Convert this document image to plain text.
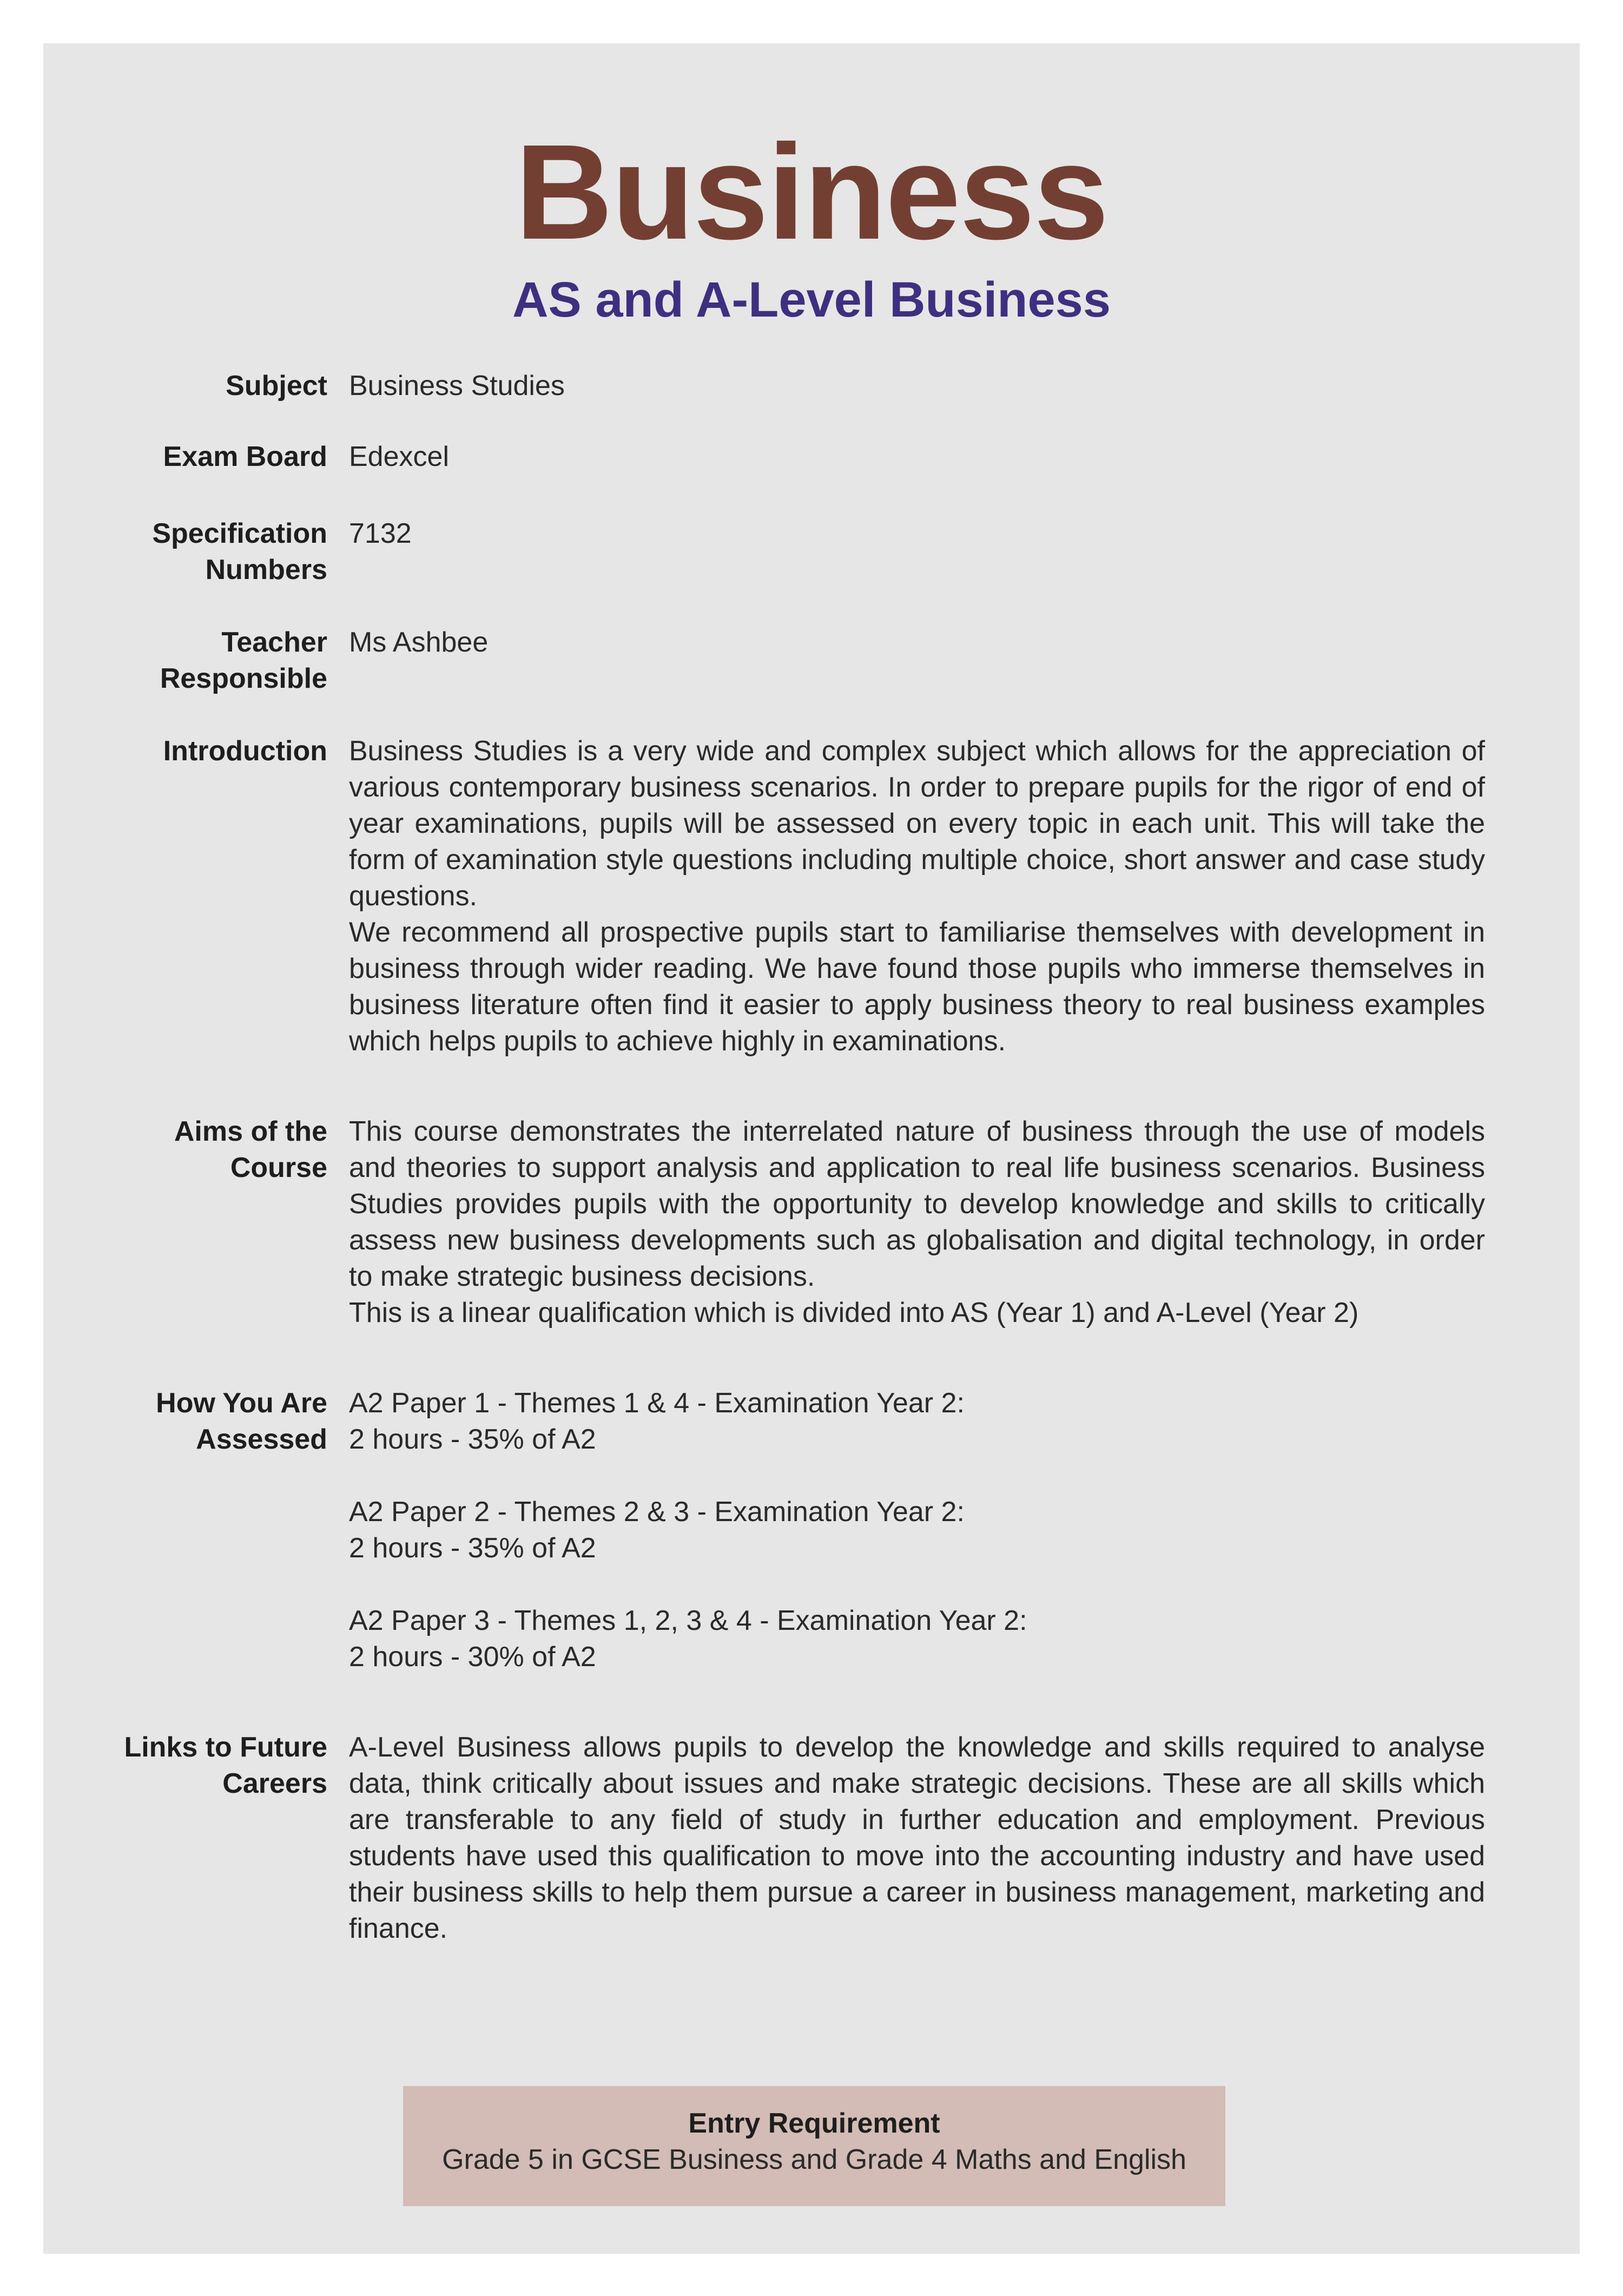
Business
AS and A-Level Business
Subject Business Studies
Exam Board Edexcel
Specification
Numbers
7132
Teacher
Responsible
Ms Ashbee
Introduction Business Studies is a very wide and complex subject which allows for the appreciation of various contemporary business scenarios. In order to prepare pupils for the rigor of end of year examinations, pupils will be assessed on every topic in each unit. This will take the form of examination style questions including multiple choice, short answer and case study questions.

We recommend all prospective pupils start to familiarise themselves with development in business through wider reading. We have found those pupils who immerse themselves in business literature often find it easier to apply business theory to real business examples which helps pupils to achieve highly in examinations.

Aims of the
Course

This course demonstrates the interrelated nature of business through the use of models and theories to support analysis and application to real life business scenarios. Business Studies provides pupils with the opportunity to develop knowledge and skills to critically assess new business developments such as globalisation and digital technology, in order to make strategic business decisions.

This is a linear qualification which is divided into AS (Year 1) and A-Level (Year 2)

How You Are
Assessed
A2 Paper 1 - Themes 1 & 4 - Examination Year 2:
2 hours - 35% of A2
A2 Paper 2 - Themes 2 & 3 - Examination Year 2:
2 hours - 35% of A2
A2 Paper 3 - Themes 1, 2, 3 & 4 - Examination Year 2:
2 hours - 30% of A2
Links to Future
Careers
A-Level Business allows pupils to develop the knowledge and skills required to analyse data, think critically about issues and make strategic decisions. These are all skills which are transferable to any field of study in further education and employment. Previous students have used this qualification to move into the accounting industry and have used their business skills to help them pursue a career in business management, marketing and finance.
Entry Requirement
Grade 5 in GCSE Business and Grade 4 Maths and English
